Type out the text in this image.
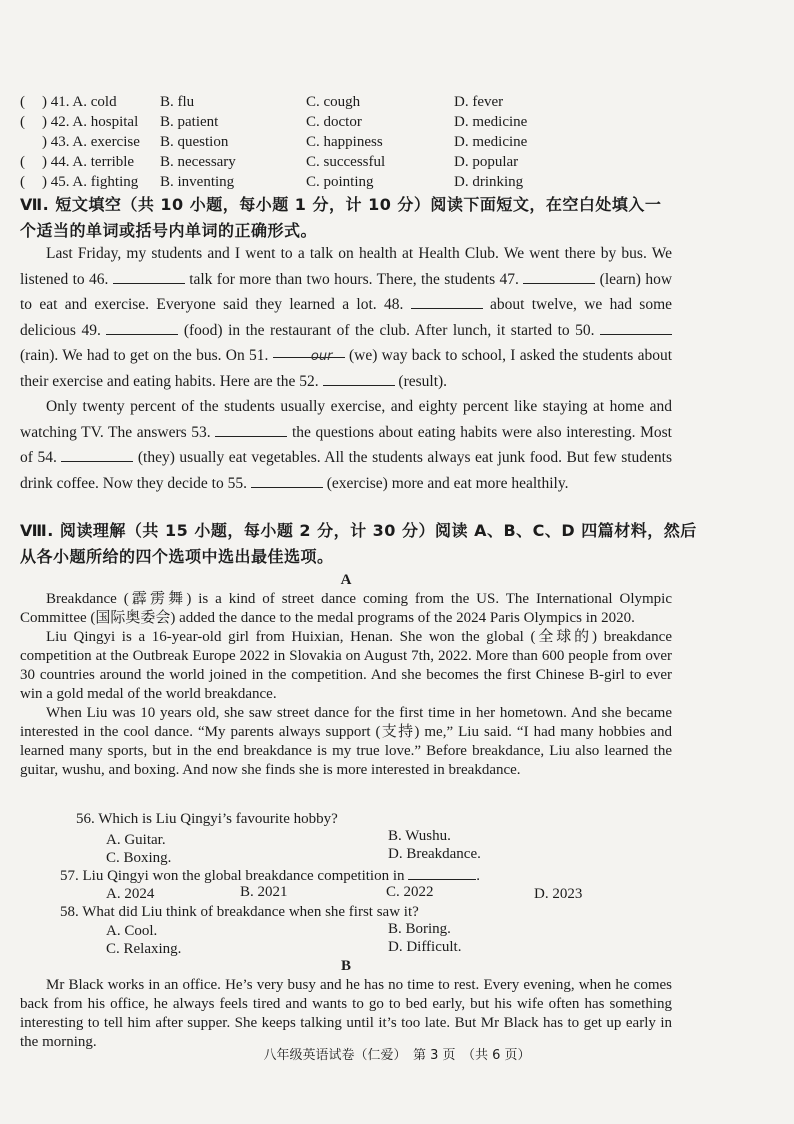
(	) 41. A. cold	B. flu	C. cough	D. fever
(	) 42. A. hospital	B. patient	C. doctor	D. medicine
) 43. A. exercise	B. question	C. happiness	D. medicine
(	) 44. A. terrible	B. necessary	C. successful	D. popular
(	) 45. A. fighting	B. inventing	C. pointing	D. drinking
Ⅶ. 短文填空（共 10 小题，每小题 1 分，计 10 分）阅读下面短文，在空白处填入一
个适当的单词或括号内单词的正确形式。

Last Friday, my students and I went to a talk on health at Health Club. We went there by bus. We listened to 46.	talk for more than two hours. There, the students 47.	(learn) how to eat and exercise. Everyone said they learned a lot. 48.	about twelve, we had some delicious 49.	(food) in the restaurant of the club. After lunch, it started to 50.  (rain). We had to get on the bus. On 51.	our (we) way back to school, I asked the students about their exercise and eating habits. Here are the 52.	(result).

Only twenty percent of the students usually exercise, and eighty percent like staying at home and watching TV. The answers 53.	the questions about eating habits were also interesting. Most of 54.	(they) usually eat vegetables. All the students always eat junk food. But few students drink coffee. Now they decide to 55.	(exercise) more and eat more healthily.

Ⅷ. 阅读理解（共 15 小题，每小题 2 分，计 30 分）阅读 A、B、C、D 四篇材料，然后
从各小题所给的四个选项中选出最佳选项。
A

Breakdance (霹雳舞) is a kind of street dance coming from the US. The International Olympic Committee (国际奥委会) added the dance to the medal programs of the 2024 Paris Olympics in 2020.

Liu Qingyi is a 16-year-old girl from Huixian, Henan. She won the global (全球的) breakdance competition at the Outbreak Europe 2022 in Slovakia on August 7th, 2022. More than 600 people from over 30 countries around the world joined in the competition. And she becomes the first Chinese B-girl to ever win a gold medal of the world breakdance.

When Liu was 10 years old, she saw street dance for the first time in her hometown. And she became interested in the cool dance. “My parents always support (支持) me,” Liu said. “I had many hobbies and learned many sports, but in the end breakdance is my true love.” Before breakdance, Liu also learned the guitar, wushu, and boxing. And now she finds she is more interested in breakdance.

56. Which is Liu Qingyi’s favourite hobby?
A. Guitar.	B. Wushu.
C. Boxing.	D. Breakdance.
57. Liu Qingyi won the global breakdance competition in	.
A. 2024	B. 2021	C. 2022	D. 2023
58. What did Liu think of breakdance when she first saw it?
A. Cool.	B. Boring.
C. Relaxing.	D. Difficult.
B

Mr Black works in an office. He’s very busy and he has no time to rest. Every evening, when he comes back from his office, he always feels tired and wants to go to bed early, but his wife often has something interesting to tell him after supper. She keeps talking until it’s too late. But Mr Black has to get up early in the morning.

八年级英语试卷（仁爱）　第 3 页　（共 6 页）
